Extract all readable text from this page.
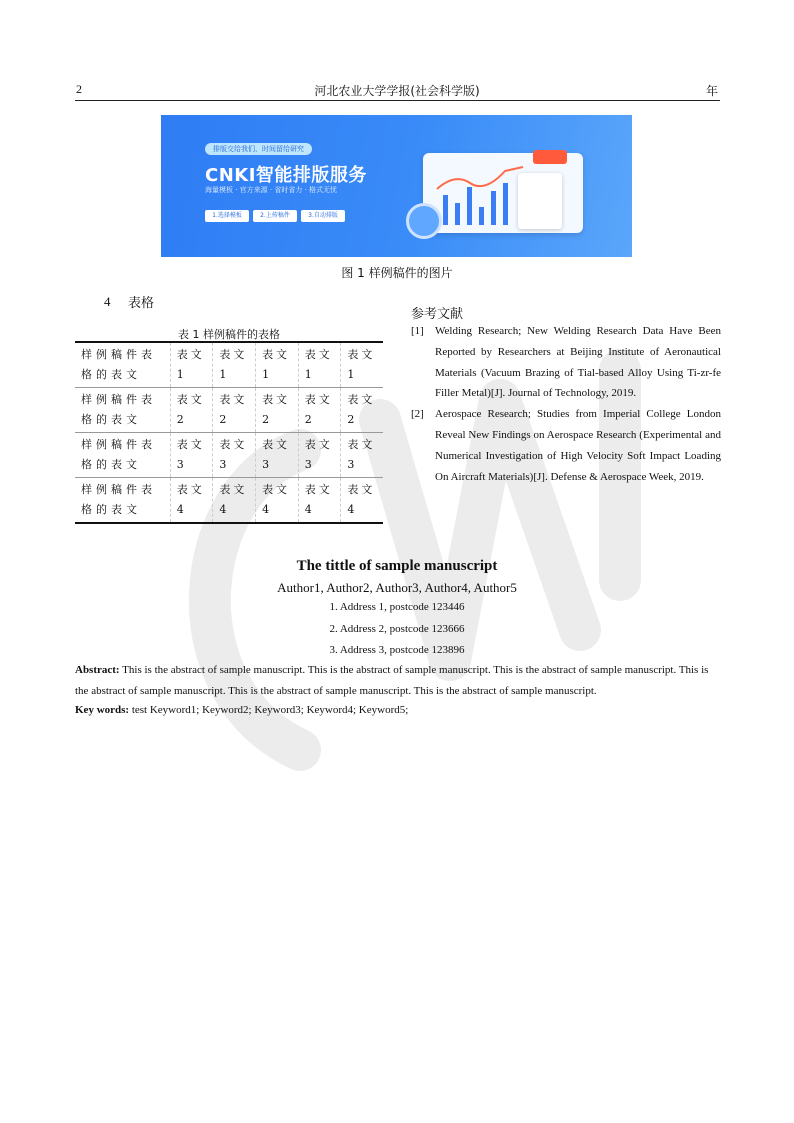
2	河北农业大学学报(社会科学版)	年
排版交给我们，时间留给研究
CNKI智能排版服务
海量模板 · 官方来源 · 省时省力 · 格式无忧
1.选择模板	2.上传稿件	3.自动排版
图 1 样例稿件的图片
4 表格
表 1 样例稿件的表格
样例稿件表格的表文	表文1	表文1	表文1	表文1	表文1
样例稿件表格的表文	表文2	表文2	表文2	表文2	表文2
样例稿件表格的表文	表文3	表文3	表文3	表文3	表文3
样例稿件表格的表文	表文4	表文4	表文4	表文4	表文4
参考文献
[1]	Welding Research; New Welding Research Data Have Been Reported by Researchers at Beijing Institute of Aeronautical Materials (Vacuum Brazing of Tial-based Alloy Using Ti-zr-fe Filler Metal)[J]. Journal of Technology, 2019.
[2]	Aerospace Research; Studies from Imperial College London Reveal New Findings on Aerospace Research (Experimental and Numerical Investigation of High Velocity Soft Impact Loading On Aircraft Materials)[J]. Defense & Aerospace Week, 2019.
The tittle of sample manuscript
Author1, Author2, Author3, Author4, Author5
1. Address 1, postcode 123446
2. Address 2, postcode 123666
3. Address 3, postcode 123896
Abstract: This is the abstract of sample manuscript. This is the abstract of sample manuscript. This is the abstract of sample manuscript. This is the abstract of sample manuscript. This is the abstract of sample manuscript. This is the abstract of sample manuscript.
Key words: test Keyword1; Keyword2; Keyword3; Keyword4; Keyword5;
